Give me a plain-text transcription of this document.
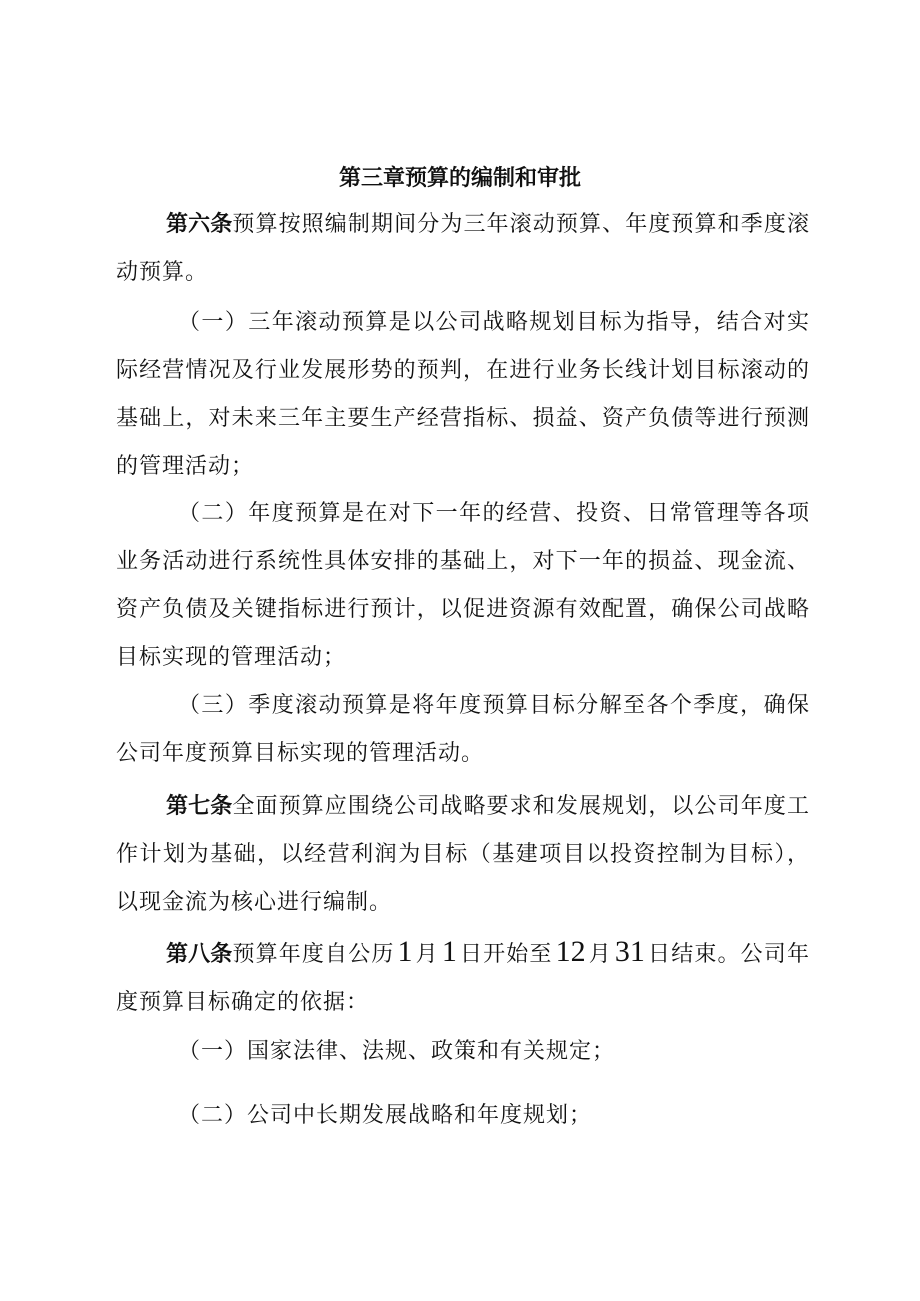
第三章预算的编制和审批

第六条预算按照编制期间分为三年滚动预算、年度预算和季度滚动预算。

（一）三年滚动预算是以公司战略规划目标为指导，结合对实际经营情况及行业发展形势的预判，在进行业务长线计划目标滚动的基础上，对未来三年主要生产经营指标、损益、资产负债等进行预测的管理活动；

（二）年度预算是在对下一年的经营、投资、日常管理等各项业务活动进行系统性具体安排的基础上，对下一年的损益、现金流、资产负债及关键指标进行预计，以促进资源有效配置，确保公司战略目标实现的管理活动；

（三）季度滚动预算是将年度预算目标分解至各个季度，确保公司年度预算目标实现的管理活动。

第七条全面预算应围绕公司战略要求和发展规划，以公司年度工作计划为基础，以经营利润为目标（基建项目以投资控制为目标），以现金流为核心进行编制。

第八条预算年度自公历 1 月 1 日开始至 12 月 31 日结束。公司年度预算目标确定的依据：

（一）国家法律、法规、政策和有关规定；

（二）公司中长期发展战略和年度规划；
